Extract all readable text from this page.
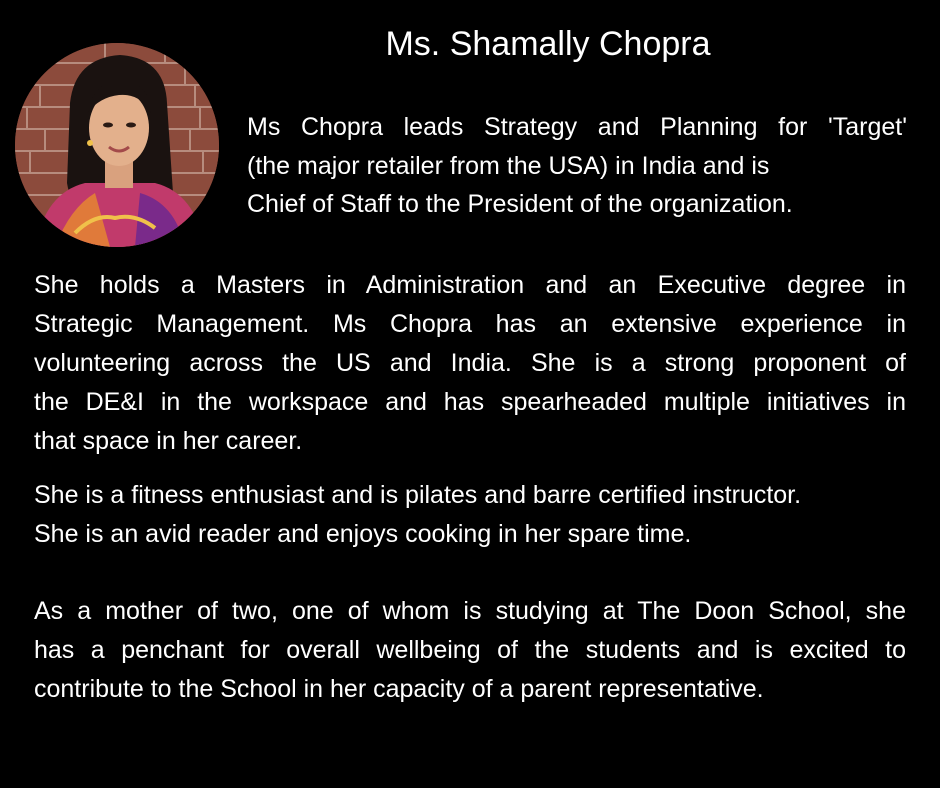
Ms. Shamally Chopra
Ms Chopra leads Strategy and Planning for 'Target'
(the major retailer from the USA) in India and is
Chief of Staff to the President of the organization.
She holds a Masters in Administration and an Executive degree in
Strategic Management. Ms Chopra has an extensive experience in
volunteering across the US and India. She is a strong proponent of
the DE&I in the workspace and has spearheaded multiple initiatives in
that space in her career.
She is a fitness enthusiast and is pilates and barre certified instructor.
She is an avid reader and enjoys cooking in her spare time.
As a mother of two, one of whom is studying at The Doon School, she
has a penchant for overall wellbeing of the students and is excited to
contribute to the School in her capacity of a parent representative.
